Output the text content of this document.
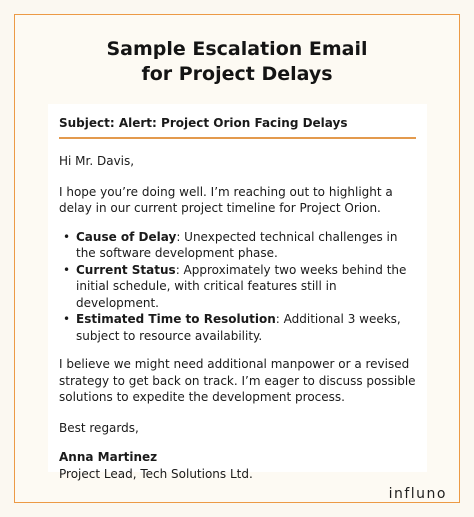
Sample Escalation Email
for Project Delays
Subject: Alert: Project Orion Facing Delays

Hi Mr. Davis,

I hope you’re doing well. I’m reaching out to highlight a delay in our current project timeline for Project Orion.

• Cause of Delay: Unexpected technical challenges in the software development phase.
• Current Status: Approximately two weeks behind the initial schedule, with critical features still in development.
• Estimated Time to Resolution: Additional 3 weeks, subject to resource availability.

I believe we might need additional manpower or a revised strategy to get back on track. I’m eager to discuss possible solutions to expedite the development process.

Best regards,

Anna Martinez

Project Lead, Tech Solutions Ltd.

influno
